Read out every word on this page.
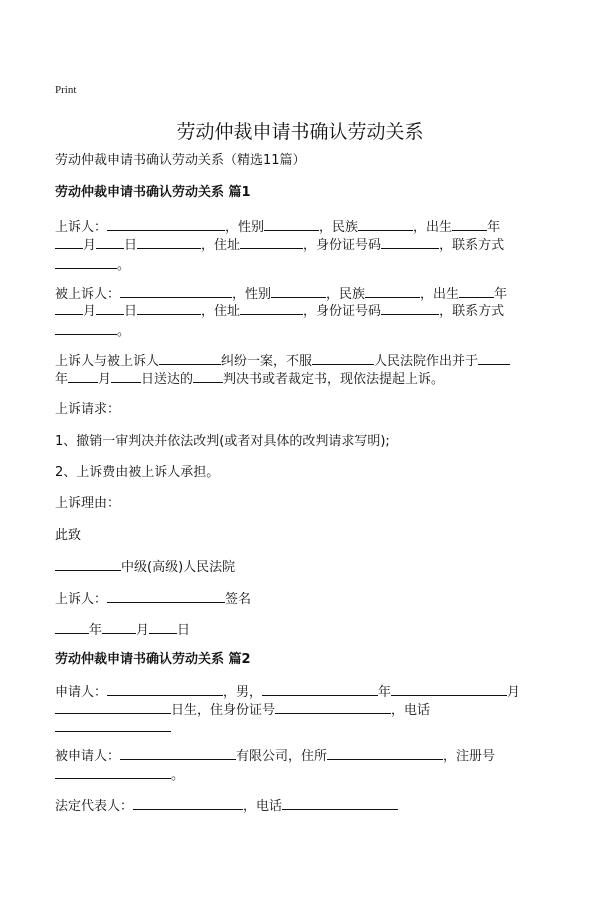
Print
劳动仲裁申请书确认劳动关系
劳动仲裁申请书确认劳动关系（精选11篇）
劳动仲裁申请书确认劳动关系 篇1
上诉人：	，性别	，民族	，出生	年
月 日	，住址	，身份证号码	，联系方式
。
被上诉人：	，性别	，民族	，出生	年
月 日	，住址	，身份证号码	，联系方式
。
上诉人与被上诉人	纠纷一案，不服	人民法院作出并于
年 月 日送达的 判决书或者裁定书，现依法提起上诉。
上诉请求：
1、撤销一审判决并依法改判(或者对具体的改判请求写明);
2、上诉费由被上诉人承担。
上诉理由：
此致
中级(高级)人民法院
上诉人：	签名
年	月 日
劳动仲裁申请书确认劳动关系 篇2
申请人：	，男，	年	月
日生，住身份证号	，电话
被申请人：	有限公司，住所	，注册号
。
法定代表人：	，电话
